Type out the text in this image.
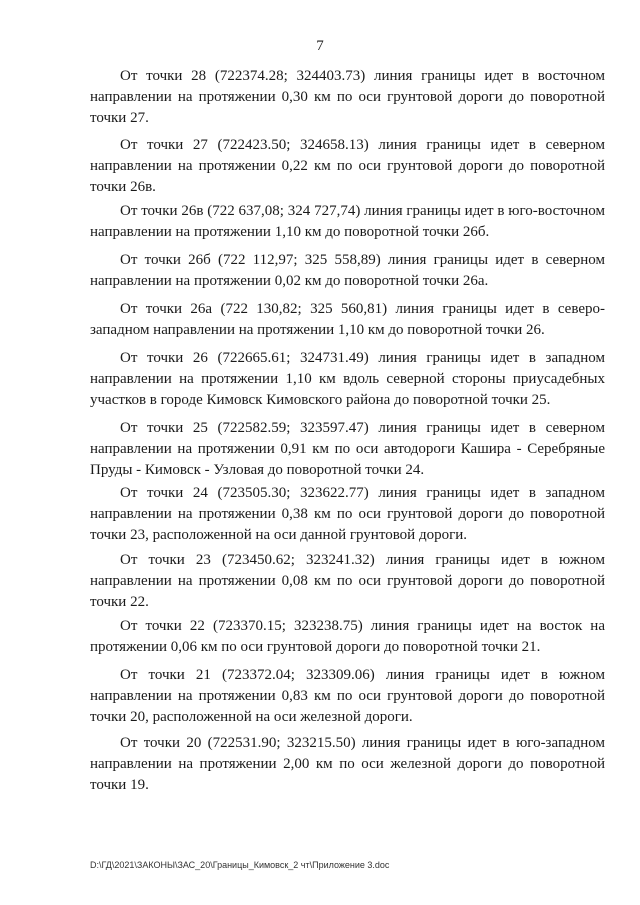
7

От точки 28 (722374.28; 324403.73) линия границы идет в восточном направлении на протяжении 0,30 км по оси грунтовой дороги до поворотной точки 27.

От точки 27 (722423.50; 324658.13) линия границы идет в северном направлении на протяжении 0,22 км по оси грунтовой дороги до поворотной точки 26в.

От точки 26в (722 637,08; 324 727,74) линия границы идет в юго-восточном направлении на протяжении 1,10 км до поворотной точки 26б.

От точки 26б (722 112,97; 325 558,89) линия границы идет в северном направлении на протяжении 0,02 км до поворотной точки 26а.

От точки 26а (722 130,82; 325 560,81) линия границы идет в северо-западном направлении на протяжении 1,10 км до поворотной точки 26.

От точки 26 (722665.61; 324731.49) линия границы идет в западном направлении на протяжении 1,10 км вдоль северной стороны приусадебных участков в городе Кимовск Кимовского района до поворотной точки 25.

От точки 25 (722582.59; 323597.47) линия границы идет в северном направлении на протяжении 0,91 км по оси автодороги Кашира - Серебряные Пруды - Кимовск - Узловая до поворотной точки 24.

От точки 24 (723505.30; 323622.77) линия границы идет в западном направлении на протяжении 0,38 км по оси грунтовой дороги до поворотной точки 23, расположенной на оси данной грунтовой дороги.

От точки 23 (723450.62; 323241.32) линия границы идет в южном направлении на протяжении 0,08 км по оси грунтовой дороги до поворотной точки 22.

От точки 22 (723370.15; 323238.75) линия границы идет на восток на протяжении 0,06 км по оси грунтовой дороги до поворотной точки 21.

От точки 21 (723372.04; 323309.06) линия границы идет в южном направлении на протяжении 0,83 км по оси грунтовой дороги до поворотной точки 20, расположенной на оси железной дороги.

От точки 20 (722531.90; 323215.50) линия границы идет в юго-западном направлении на протяжении 2,00 км по оси железной дороги до поворотной точки 19.

D:\ГД\2021\ЗАКОНЫ\ЗАС_20\Границы_Кимовск_2 чт\Приложение 3.doc
